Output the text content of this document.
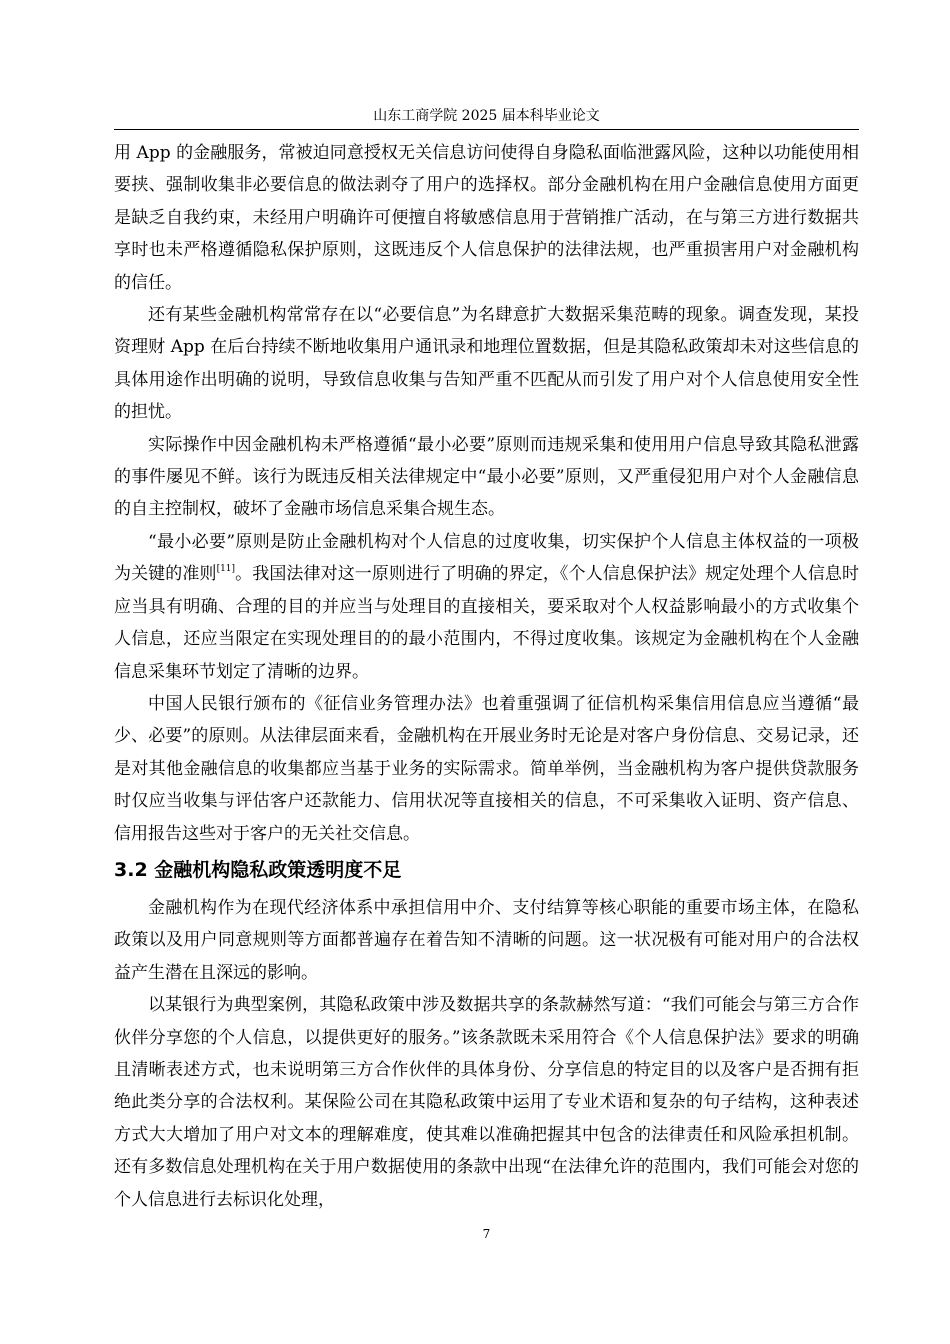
山东工商学院 2025 届本科毕业论文

用 App 的金融服务，常被迫同意授权无关信息访问使得自身隐私面临泄露风险，这种以功能使用相要挟、强制收集非必要信息的做法剥夺了用户的选择权。部分金融机构在用户金融信息使用方面更是缺乏自我约束，未经用户明确许可便擅自将敏感信息用于营销推广活动，在与第三方进行数据共享时也未严格遵循隐私保护原则，这既违反个人信息保护的法律法规，也严重损害用户对金融机构的信任。

还有某些金融机构常常存在以“必要信息”为名肆意扩大数据采集范畴的现象。调查发现，某投资理财 App 在后台持续不断地收集用户通讯录和地理位置数据，但是其隐私政策却未对这些信息的具体用途作出明确的说明，导致信息收集与告知严重不匹配从而引发了用户对个人信息使用安全性的担忧。

实际操作中因金融机构未严格遵循“最小必要”原则而违规采集和使用用户信息导致其隐私泄露的事件屡见不鲜。该行为既违反相关法律规定中“最小必要”原则，又严重侵犯用户对个人金融信息的自主控制权，破坏了金融市场信息采集合规生态。

“最小必要”原则是防止金融机构对个人信息的过度收集，切实保护个人信息主体权益的一项极为关键的准则[11]。我国法律对这一原则进行了明确的界定，《个人信息保护法》规定处理个人信息时应当具有明确、合理的目的并应当与处理目的直接相关，要采取对个人权益影响最小的方式收集个人信息，还应当限定在实现处理目的的最小范围内，不得过度收集。该规定为金融机构在个人金融信息采集环节划定了清晰的边界。

中国人民银行颁布的《征信业务管理办法》也着重强调了征信机构采集信用信息应当遵循“最少、必要”的原则。从法律层面来看，金融机构在开展业务时无论是对客户身份信息、交易记录，还是对其他金融信息的收集都应当基于业务的实际需求。简单举例，当金融机构为客户提供贷款服务时仅应当收集与评估客户还款能力、信用状况等直接相关的信息，不可采集收入证明、资产信息、信用报告这些对于客户的无关社交信息。

3.2 金融机构隐私政策透明度不足

金融机构作为在现代经济体系中承担信用中介、支付结算等核心职能的重要市场主体，在隐私政策以及用户同意规则等方面都普遍存在着告知不清晰的问题。这一状况极有可能对用户的合法权益产生潜在且深远的影响。

以某银行为典型案例，其隐私政策中涉及数据共享的条款赫然写道：“我们可能会与第三方合作伙伴分享您的个人信息，以提供更好的服务。”该条款既未采用符合《个人信息保护法》要求的明确且清晰表述方式，也未说明第三方合作伙伴的具体身份、分享信息的特定目的以及客户是否拥有拒绝此类分享的合法权利。某保险公司在其隐私政策中运用了专业术语和复杂的句子结构，这种表述方式大大增加了用户对文本的理解难度，使其难以准确把握其中包含的法律责任和风险承担机制。还有多数信息处理机构在关于用户数据使用的条款中出现“在法律允许的范围内，我们可能会对您的个人信息进行去标识化处理，

7
